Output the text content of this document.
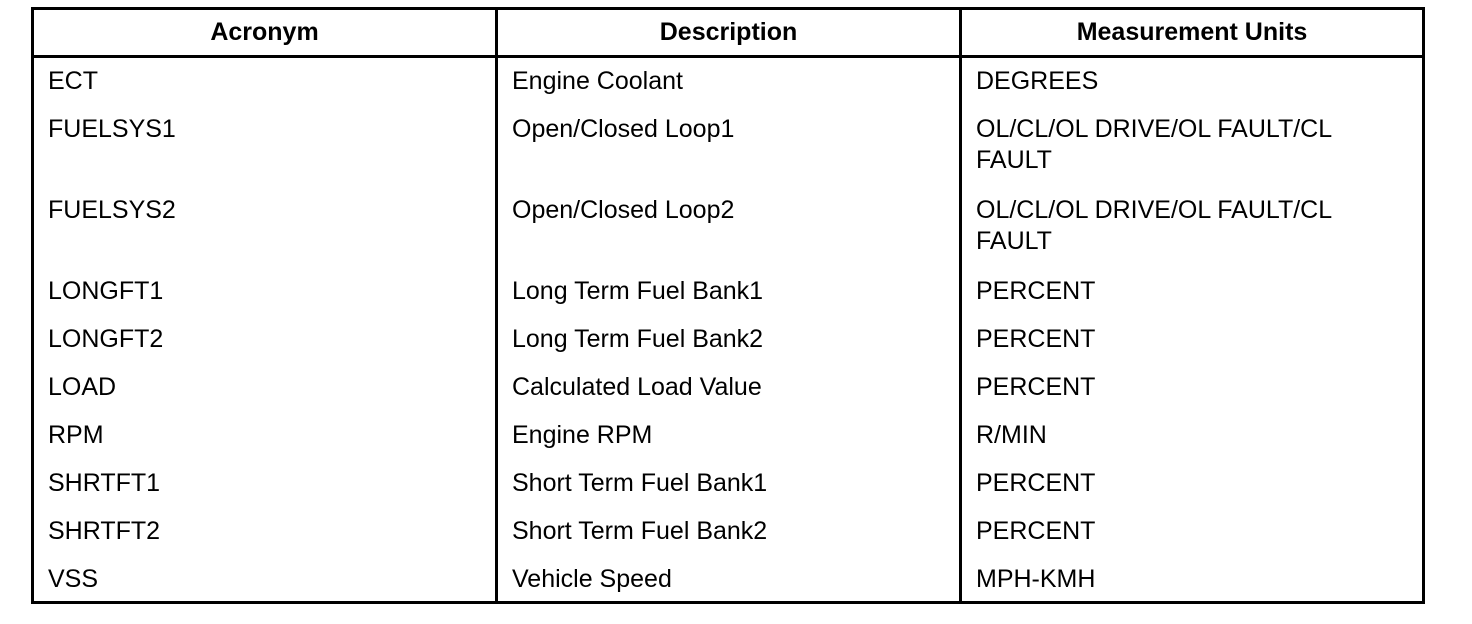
Acronym	Description	Measurement Units
ECT
FUELSYS1
FUELSYS2
LONGFT1
LONGFT2
LOAD
RPM
SHRTFT1
SHRTFT2
VSS
Engine Coolant
Open/Closed Loop1
Open/Closed Loop2
Long Term Fuel Bank1
Long Term Fuel Bank2
Calculated Load Value
Engine RPM
Short Term Fuel Bank1
Short Term Fuel Bank2
Vehicle Speed
DEGREES
OL/CL/OL DRIVE/OL FAULT/CL
FAULT
OL/CL/OL DRIVE/OL FAULT/CL
FAULT
PERCENT
PERCENT
PERCENT
R/MIN
PERCENT
PERCENT
MPH-KMH
